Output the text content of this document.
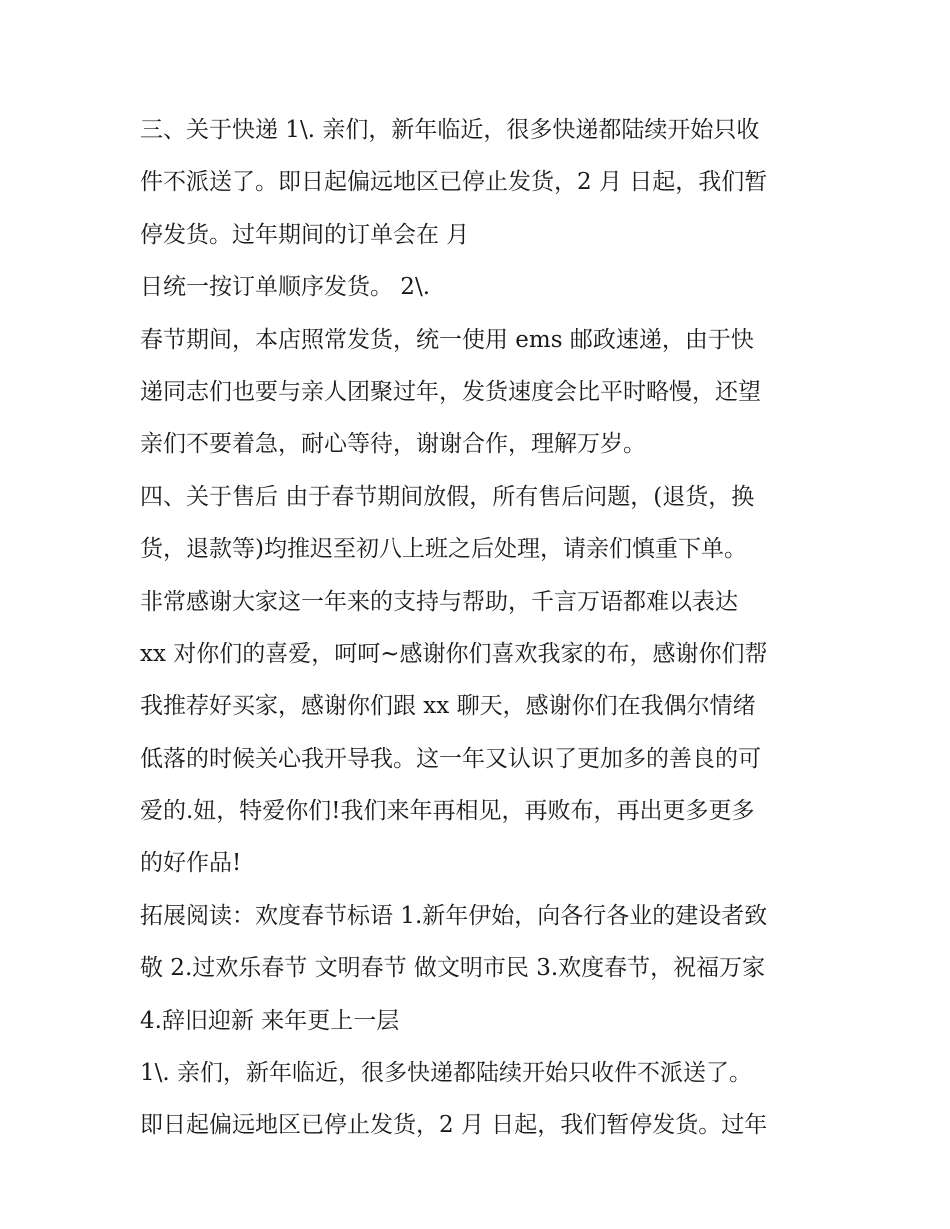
三、关于快递 1\. 亲们，新年临近，很多快递都陆续开始只收
件不派送了。即日起偏远地区已停止发货，2 月 日起，我们暂
停发货。过年期间的订单会在 月
日统一按订单顺序发货。 2\.
春节期间，本店照常发货，统一使用 ems 邮政速递，由于快
递同志们也要与亲人团聚过年，发货速度会比平时略慢，还望
亲们不要着急，耐心等待，谢谢合作，理解万岁。
四、关于售后 由于春节期间放假，所有售后问题，(退货，换
货，退款等)均推迟至初八上班之后处理，请亲们慎重下单。
非常感谢大家这一年来的支持与帮助，千言万语都难以表达
xx 对你们的喜爱，呵呵~感谢你们喜欢我家的布，感谢你们帮
我推荐好买家，感谢你们跟 xx 聊天，感谢你们在我偶尔情绪
低落的时候关心我开导我。这一年又认识了更加多的善良的可
爱的.妞，特爱你们!我们来年再相见，再败布，再出更多更多
的好作品!
拓展阅读：欢度春节标语 1.新年伊始，向各行各业的建设者致
敬 2.过欢乐春节 文明春节 做文明市民 3.欢度春节，祝福万家
4.辞旧迎新 来年更上一层
1\. 亲们，新年临近，很多快递都陆续开始只收件不派送了。
即日起偏远地区已停止发货，2 月 日起，我们暂停发货。过年
